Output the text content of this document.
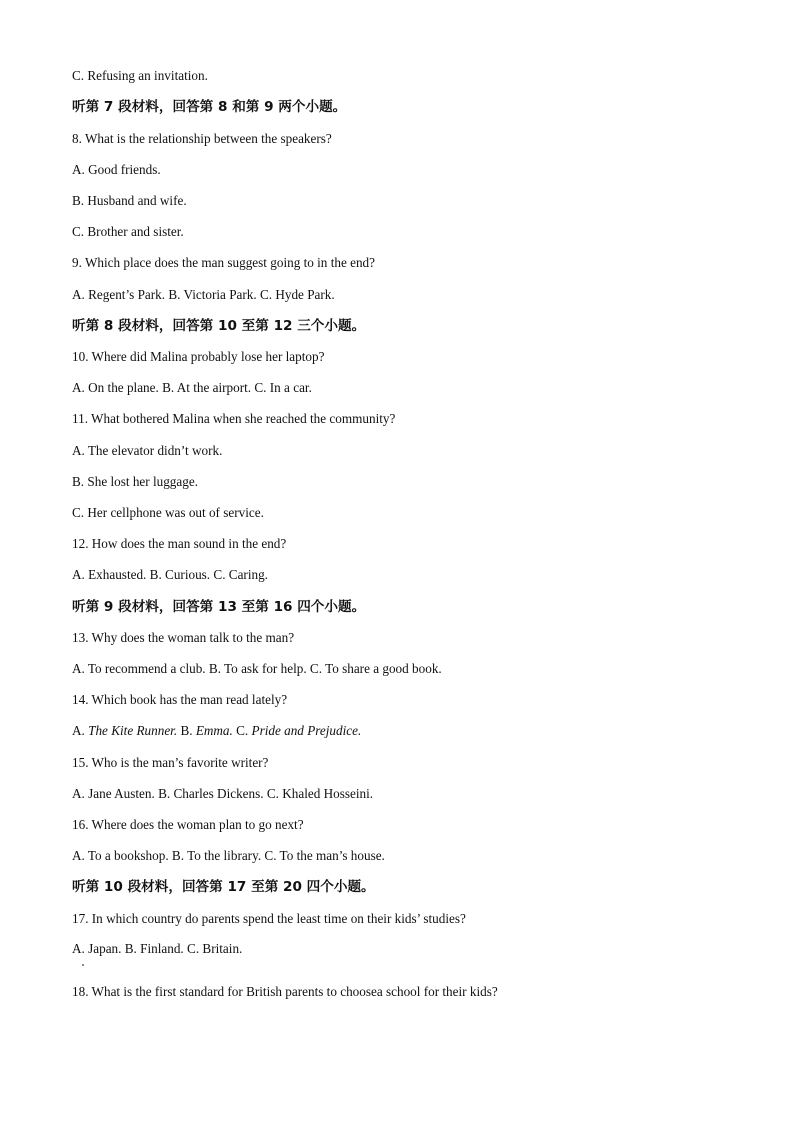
C. Refusing an invitation.
听第 7 段材料，回答第 8 和第 9 两个小题。
8. What is the relationship between the speakers?
A. Good friends.
B. Husband and wife.
C. Brother and sister.
9. Which place does the man suggest going to in the end?
A. Regent’s Park. B. Victoria Park. C. Hyde Park.
听第 8 段材料，回答第 10 至第 12 三个小题。
10. Where did Malina probably lose her laptop?
A. On the plane. B. At the airport. C. In a car.
11. What bothered Malina when she reached the community?
A. The elevator didn’t work.
B. She lost her luggage.
C. Her cellphone was out of service.
12. How does the man sound in the end?
A. Exhausted. B. Curious. C. Caring.
听第 9 段材料，回答第 13 至第 16 四个小题。
13. Why does the woman talk to the man?
A. To recommend a club. B. To ask for help. C. To share a good book.
14. Which book has the man read lately?
A. The Kite Runner. B. Emma. C. Pride and Prejudice.
15. Who is the man’s favorite writer?
A. Jane Austen. B. Charles Dickens. C. Khaled Hosseini.
16. Where does the woman plan to go next?
A. To a bookshop. B. To the library. C. To the man’s house.
听第 10 段材料，回答第 17 至第 20 四个小题。
17. In which country do parents spend the least time on their kids’ studies?
A. Japan. B. Finland. C. Britain.
18. What is the first standard for British parents to choosea school for their kids?
